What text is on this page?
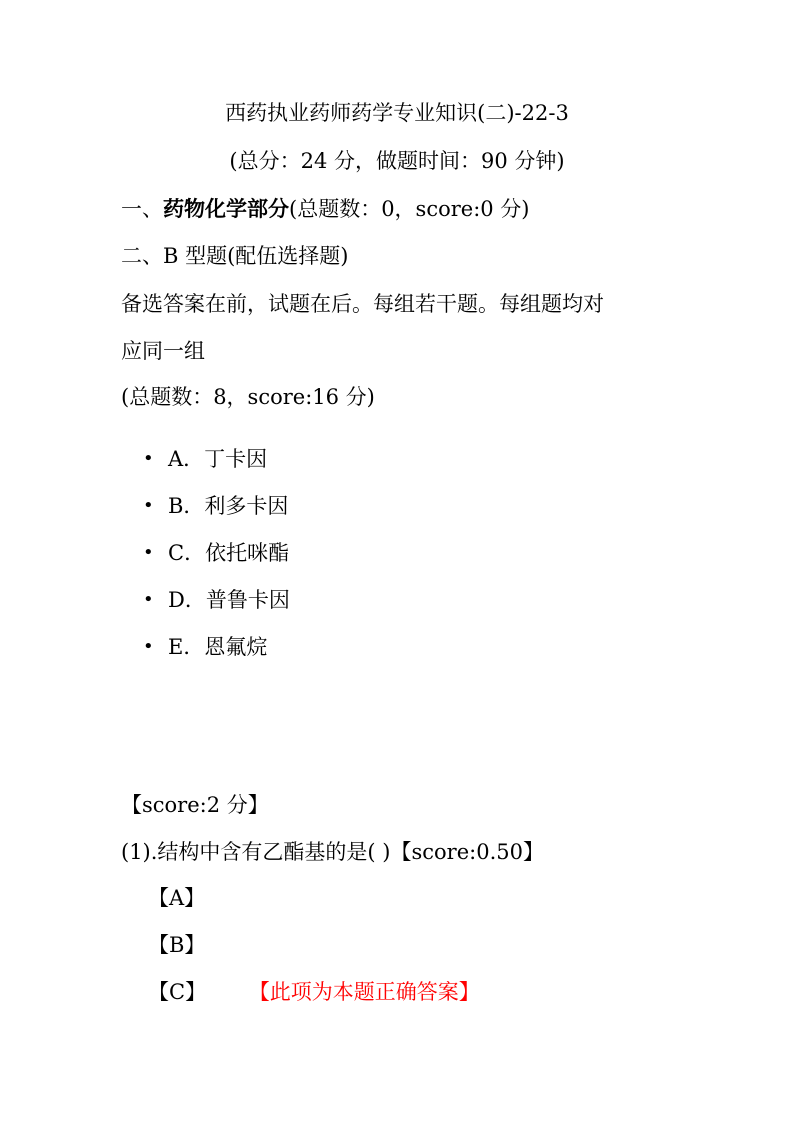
西药执业药师药学专业知识(二)-22-3
(总分：24 分，做题时间：90 分钟)
一、药物化学部分(总题数：0，score:0 分)
二、B 型题(配伍选择题)
备选答案在前，试题在后。每组若干题。每组题均对
应同一组
(总题数：8，score:16 分)
• A．丁卡因
• B．利多卡因
• C．依托咪酯
• D．普鲁卡因
• E．恩氟烷
【score:2 分】
(1).结构中含有乙酯基的是( )【score:0.50】
【A】
【B】
【C】 【此项为本题正确答案】
